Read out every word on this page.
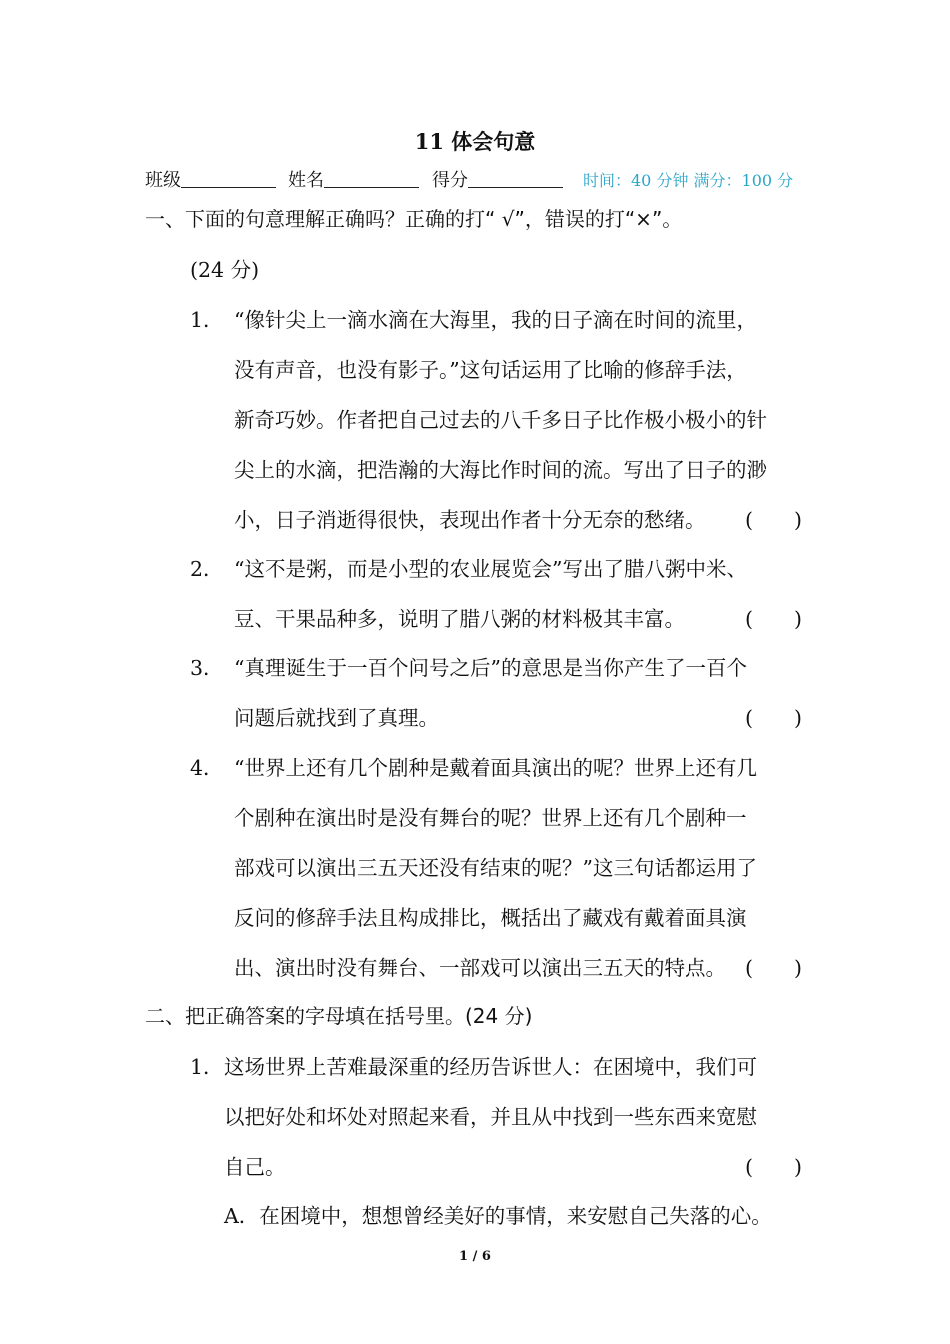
11 体会句意
班级	姓名	得分	时间：40 分钟 满分：100 分
一、下面的句意理解正确吗？正确的打“ √”，错误的打“×”。
(24 分)
1． “像针尖上一滴水滴在大海里，我的日子滴在时间的流里，
没有声音，也没有影子。”这句话运用了比喻的修辞手法，
新奇巧妙。作者把自己过去的八千多日子比作极小极小的针
尖上的水滴，把浩瀚的大海比作时间的流。写出了日子的渺
小，日子消逝得很快，表现出作者十分无奈的愁绪。 (　　)
2． “这不是粥，而是小型的农业展览会”写出了腊八粥中米、
豆、干果品种多，说明了腊八粥的材料极其丰富。	(　　)
3． “真理诞生于一百个问号之后”的意思是当你产生了一百个
问题后就找到了真理。	(　　)
4． “世界上还有几个剧种是戴着面具演出的呢？世界上还有几
个剧种在演出时是没有舞台的呢？世界上还有几个剧种一
部戏可以演出三五天还没有结束的呢？”这三句话都运用了
反问的修辞手法且构成排比，概括出了藏戏有戴着面具演
出、演出时没有舞台、一部戏可以演出三五天的特点。 (　　)
二、把正确答案的字母填在括号里。(24 分)
1． 这场世界上苦难最深重的经历告诉世人：在困境中，我们可
以把好处和坏处对照起来看，并且从中找到一些东西来宽慰
自己。	(　　)
A．在困境中，想想曾经美好的事情，来安慰自己失落的心。
1 / 6
